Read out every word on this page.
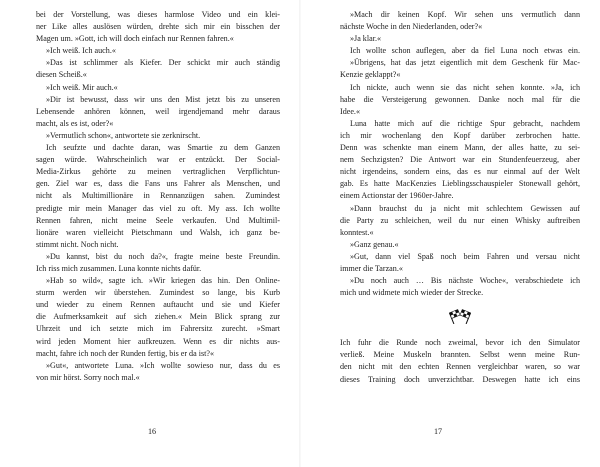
bei der Vorstellung, was dieses harmlose Video und ein klei-
ner Like alles auslösen würden, drehte sich mir ein bisschen der
Magen um. »Gott, ich will doch einfach nur Rennen fahren.«
»Ich weiß. Ich auch.«
»Das ist schlimmer als Kiefer. Der schickt mir auch ständig
diesen Scheiß.«
»Ich weiß. Mir auch.«
»Dir ist bewusst, dass wir uns den Mist jetzt bis zu unseren
Lebensende anhören können, weil irgendjemand mehr daraus
macht, als es ist, oder?«
»Vermutlich schon«, antwortete sie zerknirscht.
Ich seufzte und dachte daran, was Smartie zu dem Ganzen
sagen würde. Wahrscheinlich war er entzückt. Der Social-
Media-Zirkus gehörte zu meinen vertraglichen Verpflichtun-
gen. Ziel war es, dass die Fans uns Fahrer als Menschen, und
nicht als Multimillionäre in Rennanzügen sahen. Zumindest
predigte mir mein Manager das viel zu oft. My ass. Ich wollte
Rennen fahren, nicht meine Seele verkaufen. Und Multimil-
lionäre waren vielleicht Pietschmann und Walsh, ich ganz be-
stimmt nicht. Noch nicht.
»Du kannst, bist du noch da?«, fragte meine beste Freundin.
Ich riss mich zusammen. Luna konnte nichts dafür.
»Hab so wild«, sagte ich. »Wir kriegen das hin. Den Online-
sturm werden wir überstehen. Zumindest so lange, bis Kurb
und wieder zu einem Rennen auftaucht und sie und Kiefer
die Aufmerksamkeit auf sich ziehen.« Mein Blick sprang zur
Uhrzeit und ich setzte mich im Fahrersitz zurecht. »Smart
wird jeden Moment hier aufkreuzen. Wenn es dir nichts aus-
macht, fahre ich noch der Runden fertig, bis er da ist?«
»Gut«, antwortete Luna. »Ich wollte sowieso nur, dass du es
von mir hörst. Sorry noch mal.«
16
»Mach dir keinen Kopf. Wir sehen uns vermutlich dann
nächste Woche in den Niederlanden, oder?«
»Ja klar.«
Ich wollte schon auflegen, aber da fiel Luna noch etwas ein.
»Übrigens, hat das jetzt eigentlich mit dem Geschenk für Mac-
Kenzie geklappt?«
Ich nickte, auch wenn sie das nicht sehen konnte. »Ja, ich
habe die Versteigerung gewonnen. Danke noch mal für die
Idee.«
Luna hatte mich auf die richtige Spur gebracht, nachdem
ich mir wochenlang den Kopf darüber zerbrochen hatte.
Denn was schenkte man einem Mann, der alles hatte, zu sei-
nem Sechzigsten? Die Antwort war ein Stundenfeuerzeug, aber
nicht irgendeins, sondern eins, das es nur einmal auf der Welt
gab. Es hatte MacKenzies Lieblingsschauspieler Stonewall gehört,
einem Actionstar der 1960er-Jahre.
»Dann brauchst du ja nicht mit schlechtem Gewissen auf
die Party zu schleichen, weil du nur einen Whisky auftreiben
konntest.«
»Ganz genau.«
»Gut, dann viel Spaß noch beim Fahren und versau nicht
immer die Tarzan.«
»Du noch auch … Bis nächste Woche«, verabschiedete ich
mich und widmete mich wieder der Strecke.
Ich fuhr die Runde noch zweimal, bevor ich den Simulator
verließ. Meine Muskeln brannten. Selbst wenn meine Run-
den nicht mit den echten Rennen vergleichbar waren, so war
dieses Training doch unverzichtbar. Deswegen hatte ich eins
17
